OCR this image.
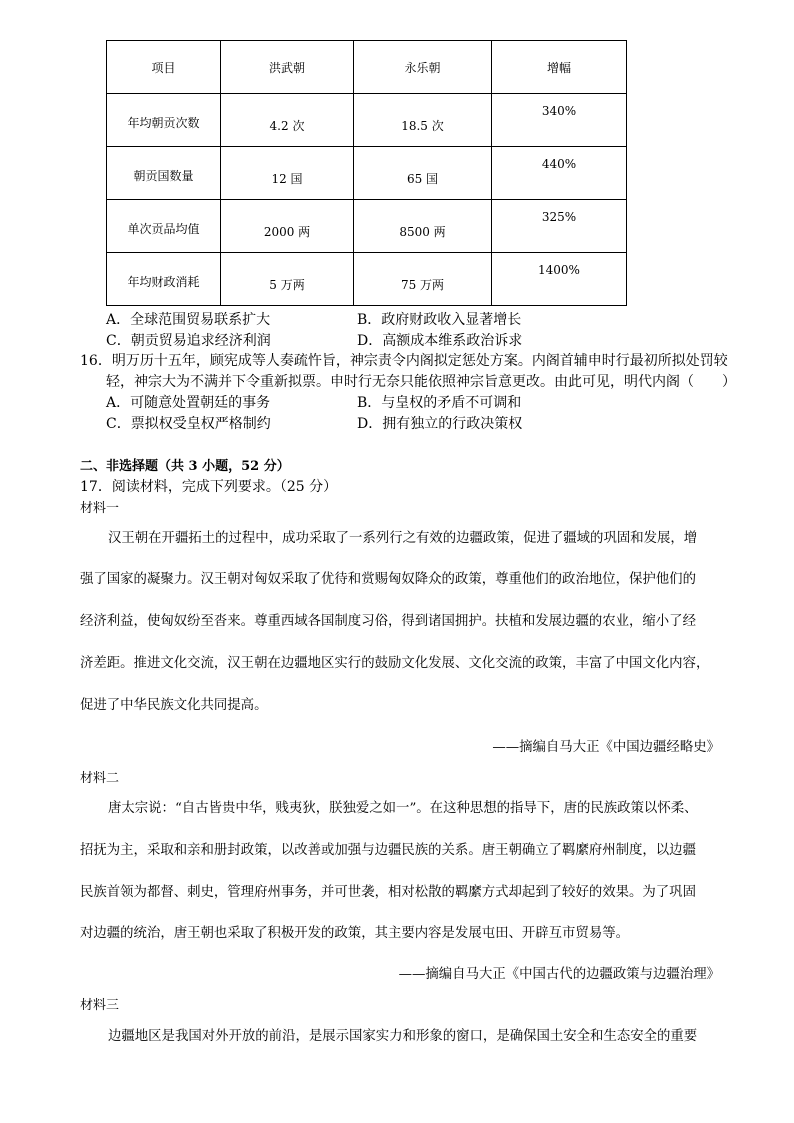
项目	洪武朝	永乐朝	增幅

年均朝贡次数	4.2 次	18.5 次	340%

朝贡国数量	12 国	65 国	440%

单次贡品均值	2000 两	8500 两	325%

年均财政消耗	5 万两	75 万两	1400%
A．全球范围贸易联系扩大	B．政府财政收入显著增长
C．朝贡贸易追求经济利润	D．高额成本维系政治诉求
16．明万历十五年，顾宪成等人奏疏忤旨，神宗责令内阁拟定惩处方案。内阁首辅申时行最初所拟处罚较
轻，神宗大为不满并下令重新拟票。申时行无奈只能依照神宗旨意更改。由此可见，明代内阁（　　）
A．可随意处置朝廷的事务	B．与皇权的矛盾不可调和
C．票拟权受皇权严格制约	D．拥有独立的行政决策权
二、非选择题（共 3 小题，52 分）
17．阅读材料，完成下列要求。（25 分）
材料一
汉王朝在开疆拓土的过程中，成功采取了一系列行之有效的边疆政策，促进了疆域的巩固和发展，增
强了国家的凝聚力。汉王朝对匈奴采取了优待和赏赐匈奴降众的政策，尊重他们的政治地位，保护他们的
经济利益，使匈奴纷至沓来。尊重西域各国制度习俗，得到诸国拥护。扶植和发展边疆的农业，缩小了经
济差距。推进文化交流，汉王朝在边疆地区实行的鼓励文化发展、文化交流的政策，丰富了中国文化内容，
促进了中华民族文化共同提高。
——摘编自马大正《中国边疆经略史》
材料二
唐太宗说：“自古皆贵中华，贱夷狄，朕独爱之如一”。在这种思想的指导下，唐的民族政策以怀柔、
招抚为主，采取和亲和册封政策，以改善或加强与边疆民族的关系。唐王朝确立了羁縻府州制度，以边疆
民族首领为都督、刺史，管理府州事务，并可世袭，相对松散的羁縻方式却起到了较好的效果。为了巩固
对边疆的统治，唐王朝也采取了积极开发的政策，其主要内容是发展屯田、开辟互市贸易等。
——摘编自马大正《中国古代的边疆政策与边疆治理》
材料三
边疆地区是我国对外开放的前沿，是展示国家实力和形象的窗口，是确保国土安全和生态安全的重要
